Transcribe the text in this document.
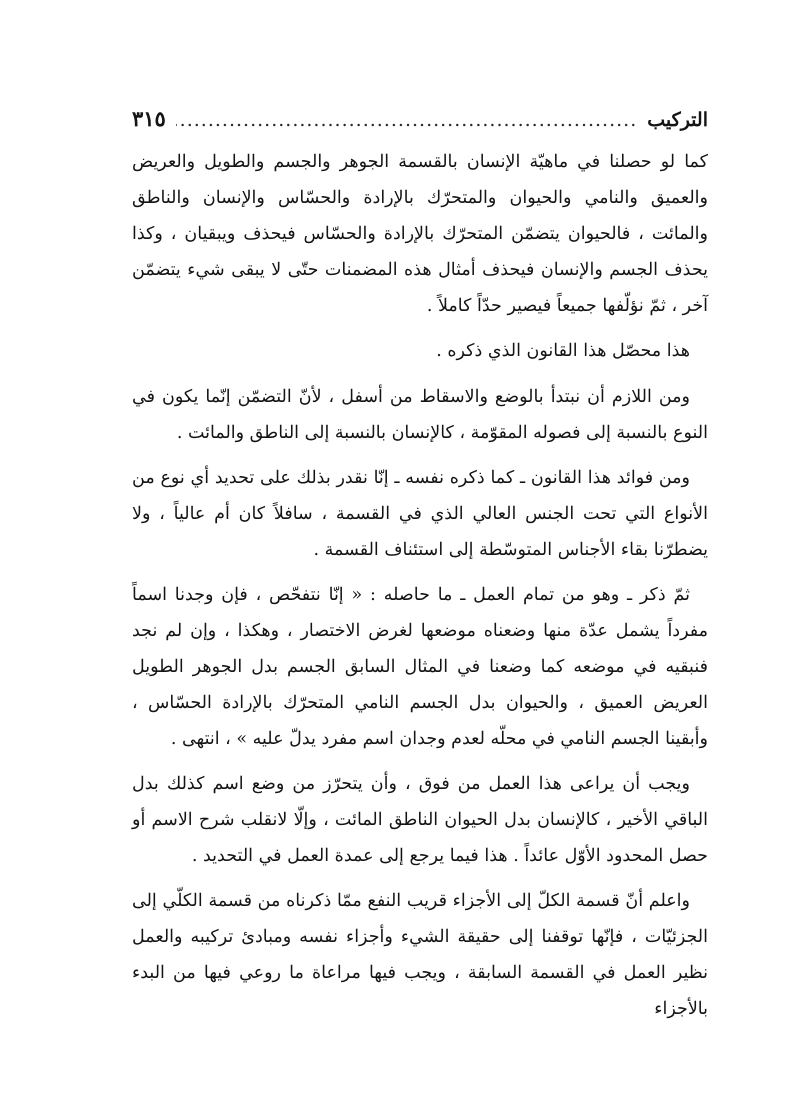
التركيب
.....
٣١٥

كما لو حصلنا في ماهيّة الإنسان بالقسمة الجوهر والجسم والطويل والعريض والعميق والنامي والحيوان والمتحرّك بالإرادة والحسّاس والإنسان والناطق والمائت ، فالحيوان يتضمّن المتحرّك بالإرادة والحسّاس فيحذف ويبقيان ، وكذا يحذف الجسم والإنسان فيحذف أمثال هذه المضمنات حتّى لا يبقى شيء يتضمّن آخر ، ثمّ نؤلّفها جميعاً فيصير حدّاً كاملاً .

هذا محصّل هذا القانون الذي ذكره .

ومن اللازم أن نبتدأ بالوضع والاسقاط من أسفل ، لأنّ التضمّن إنّما يكون في النوع بالنسبة إلى فصوله المقوّمة ، كالإنسان بالنسبة إلى الناطق والمائت .

ومن فوائد هذا القانون ـ كما ذكره نفسه ـ إنّا نقدر بذلك على تحديد أي نوع من الأنواع التي تحت الجنس العالي الذي في القسمة ، سافلاً كان أم عالياً ، ولا يضطرّنا بقاء الأجناس المتوسّطة إلى استئناف القسمة .

ثمّ ذكر ـ وهو من تمام العمل ـ ما حاصله : « إنّا نتفحّص ، فإن وجدنا اسماً مفرداً يشمل عدّة منها وضعناه موضعها لغرض الاختصار ، وهكذا ، وإن لم نجد فنبقيه في موضعه كما وضعنا في المثال السابق الجسم بدل الجوهر الطويل العريض العميق ، والحيوان بدل الجسم النامي المتحرّك بالإرادة الحسّاس ، وأبقينا الجسم النامي في محلّه لعدم وجدان اسم مفرد يدلّ عليه » ، انتهى .

ويجب أن يراعى هذا العمل من فوق ، وأن يتحرّز من وضع اسم كذلك بدل الباقي الأخير ، كالإنسان بدل الحيوان الناطق المائت ، وإلّا لانقلب شرح الاسم أو حصل المحدود الأوّل عائداً . هذا فيما يرجع إلى عمدة العمل في التحديد .

واعلم أنّ قسمة الكلّ إلى الأجزاء قريب النفع ممّا ذكرناه من قسمة الكلّي إلى الجزئيّات ، فإنّها توقفنا إلى حقيقة الشيء وأجزاء نفسه ومبادئ تركيبه والعمل نظير العمل في القسمة السابقة ، ويجب فيها مراعاة ما روعي فيها من البدء بالأجزاء
